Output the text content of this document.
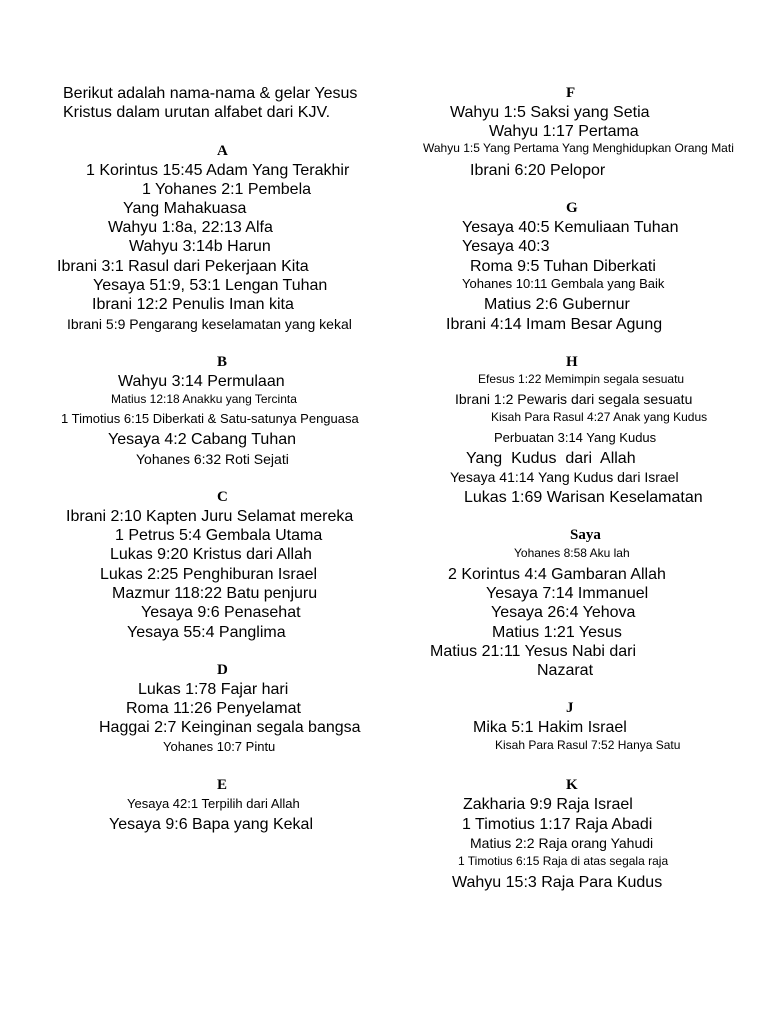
Berikut adalah nama-nama & gelar Yesus
Kristus dalam urutan alfabet dari KJV.
A
1 Korintus 15:45 Adam Yang Terakhir
1 Yohanes 2:1 Pembela
Yang Mahakuasa
Wahyu 1:8a, 22:13 Alfa
Wahyu 3:14b Harun
Ibrani 3:1 Rasul dari Pekerjaan Kita
Yesaya 51:9, 53:1 Lengan Tuhan
Ibrani 12:2 Penulis Iman kita
Ibrani 5:9 Pengarang keselamatan yang kekal
B
Wahyu 3:14 Permulaan
Matius 12:18 Anakku yang Tercinta
1 Timotius 6:15 Diberkati & Satu-satunya Penguasa
Yesaya 4:2 Cabang Tuhan
Yohanes 6:32 Roti Sejati
C
Ibrani 2:10 Kapten Juru Selamat mereka
1 Petrus 5:4 Gembala Utama
Lukas 9:20 Kristus dari Allah
Lukas 2:25 Penghiburan Israel
Mazmur 118:22 Batu penjuru
Yesaya 9:6 Penasehat
Yesaya 55:4 Panglima
D
Lukas 1:78 Fajar hari
Roma 11:26 Penyelamat
Haggai 2:7 Keinginan segala bangsa
Yohanes 10:7 Pintu
E
Yesaya 42:1 Terpilih dari Allah
Yesaya 9:6 Bapa yang Kekal
F
Wahyu 1:5 Saksi yang Setia
Wahyu 1:17 Pertama
Wahyu 1:5 Yang Pertama Yang Menghidupkan Orang Mati
Ibrani 6:20 Pelopor
G
Yesaya 40:5 Kemuliaan Tuhan
Yesaya 40:3
Roma 9:5 Tuhan Diberkati
Yohanes 10:11 Gembala yang Baik
Matius 2:6 Gubernur
Ibrani 4:14 Imam Besar Agung
H
Efesus 1:22 Memimpin segala sesuatu
Ibrani 1:2 Pewaris dari segala sesuatu
Kisah Para Rasul 4:27 Anak yang Kudus
Perbuatan 3:14 Yang Kudus
Yang  Kudus  dari  Allah
Yesaya 41:14 Yang Kudus dari Israel
Lukas 1:69 Warisan Keselamatan
Saya
Yohanes 8:58 Aku lah
2 Korintus 4:4 Gambaran Allah
Yesaya 7:14 Immanuel
Yesaya 26:4 Yehova
Matius 1:21 Yesus
Matius 21:11 Yesus Nabi dari
Nazarat
J
Mika 5:1 Hakim Israel
Kisah Para Rasul 7:52 Hanya Satu
K
Zakharia 9:9 Raja Israel
1 Timotius 1:17 Raja Abadi
Matius 2:2 Raja orang Yahudi
1 Timotius 6:15 Raja di atas segala raja
Wahyu 15:3 Raja Para Kudus
